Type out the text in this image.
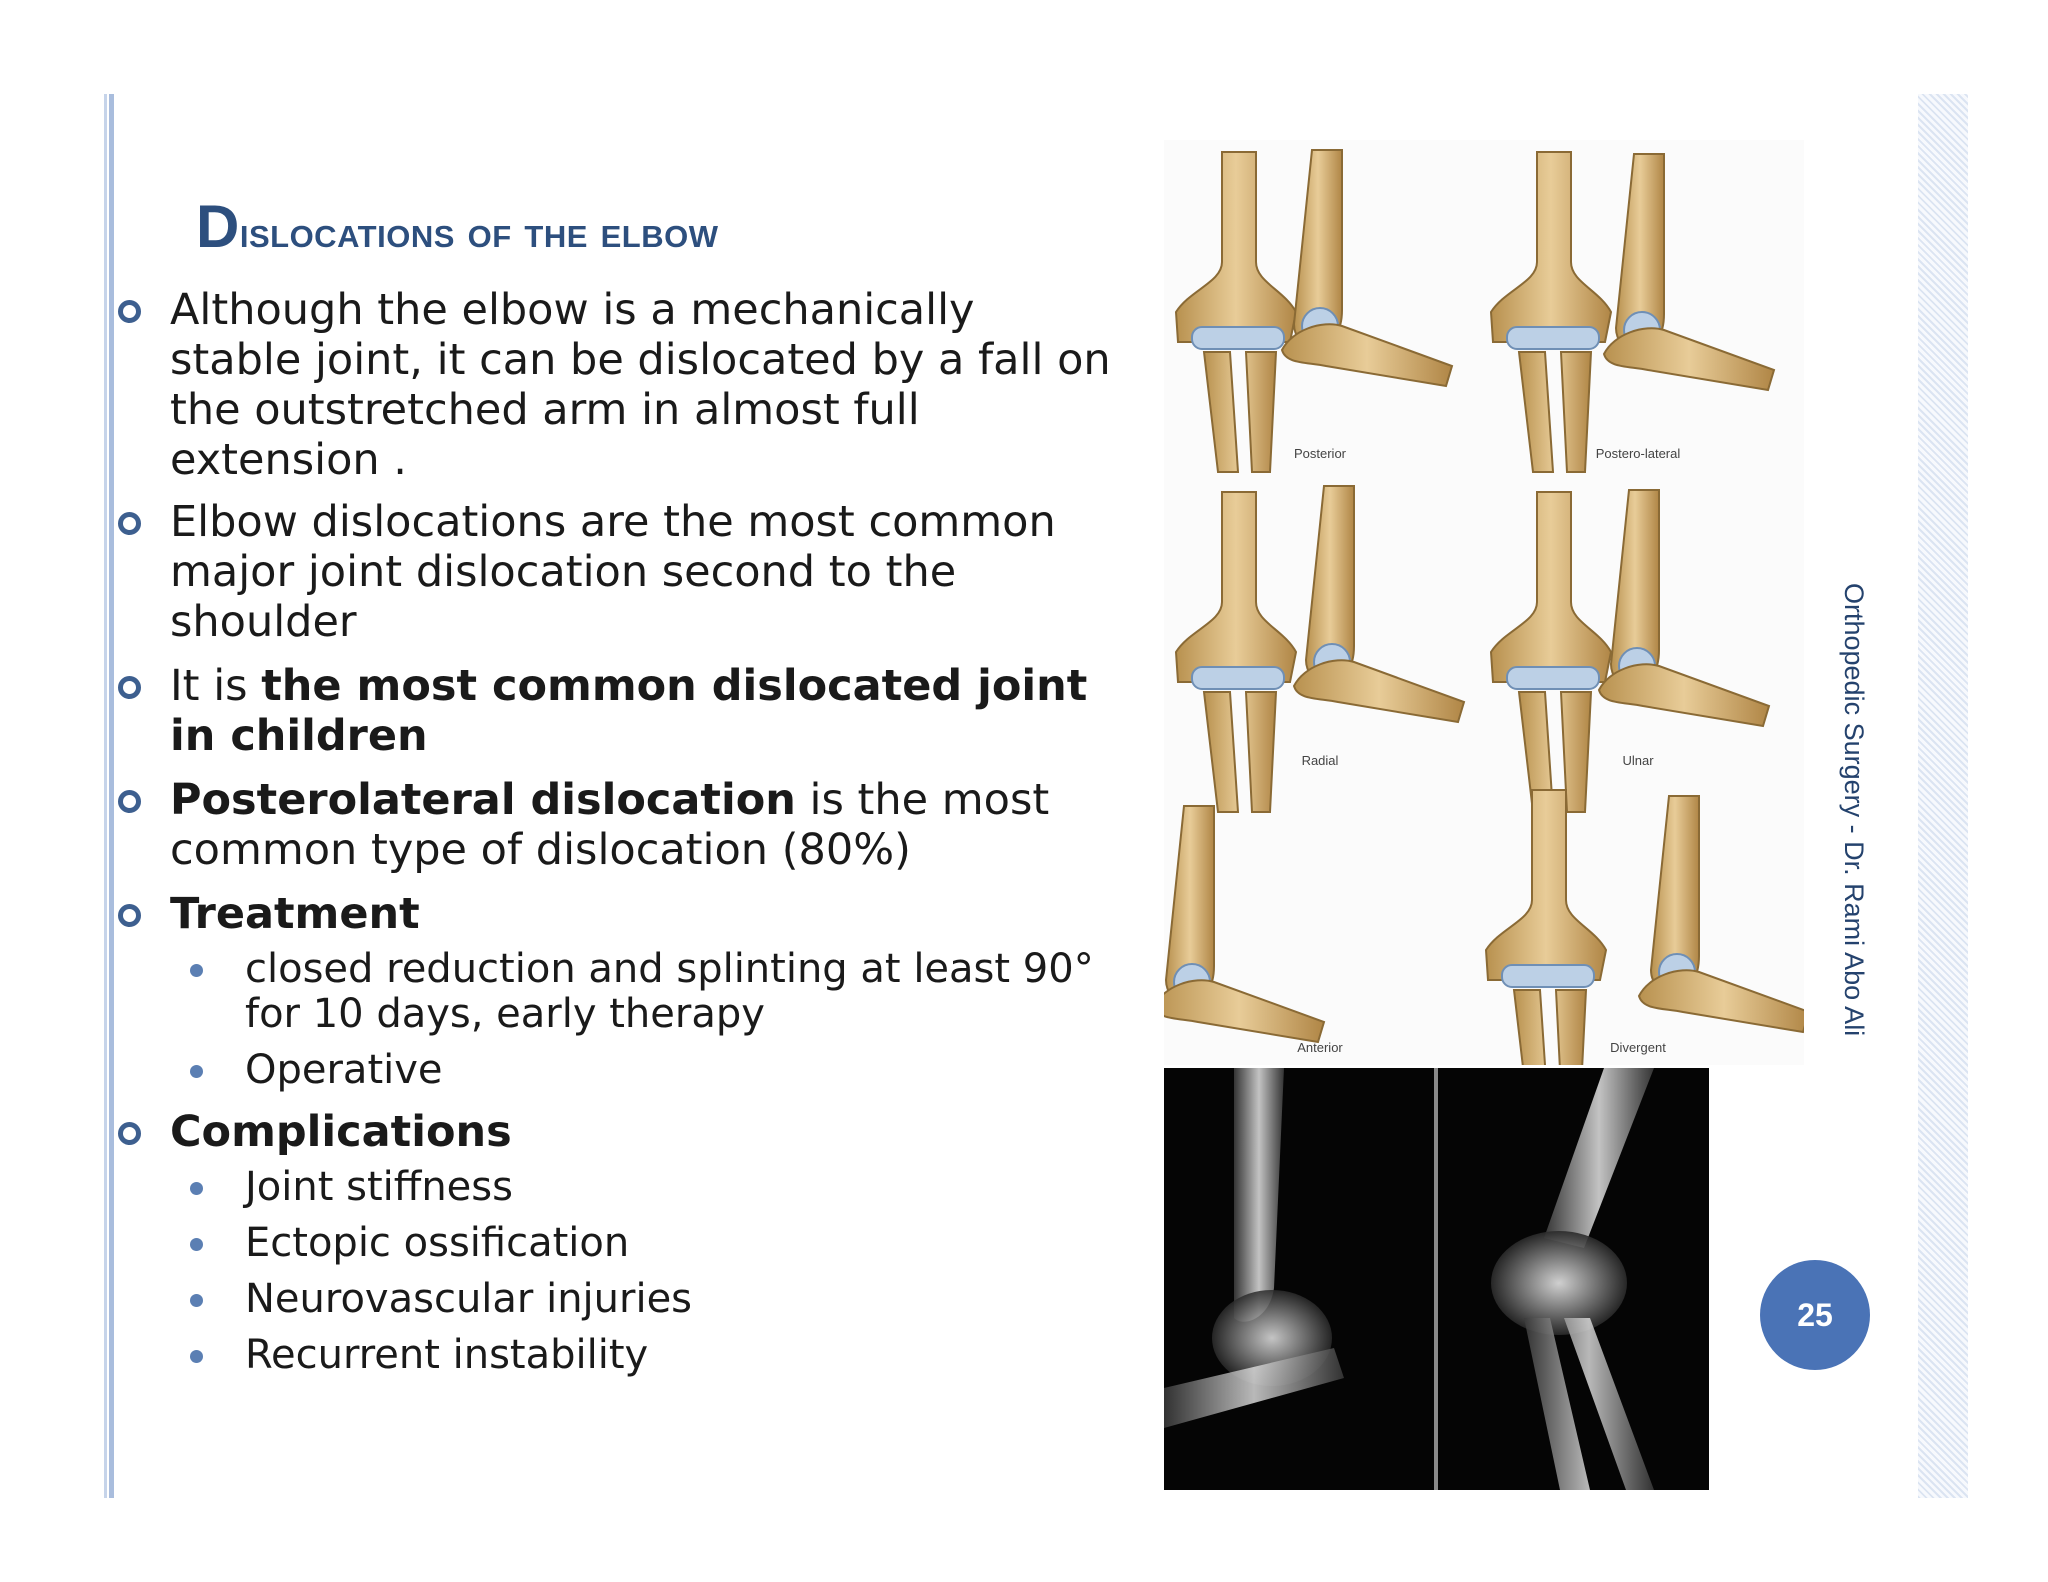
Dislocations of the elbow
Although the elbow is a mechanically stable joint, it can be dislocated by a fall on the outstretched arm in almost full extension .
Elbow dislocations are the most common major joint dislocation second to the shoulder
It is the most common dislocated joint in children
Posterolateral dislocation is the most common type of dislocation (80%)
Treatment
closed reduction and splinting at least 90° for 10 days, early therapy
Operative
Complications
Joint stiffness
Ectopic ossification
Neurovascular injuries
Recurrent instability
Posterior	Postero-lateral
Radial	Ulnar
Anterior	Divergent
Orthopedic Surgery - Dr. Rami Abo Ali
25
